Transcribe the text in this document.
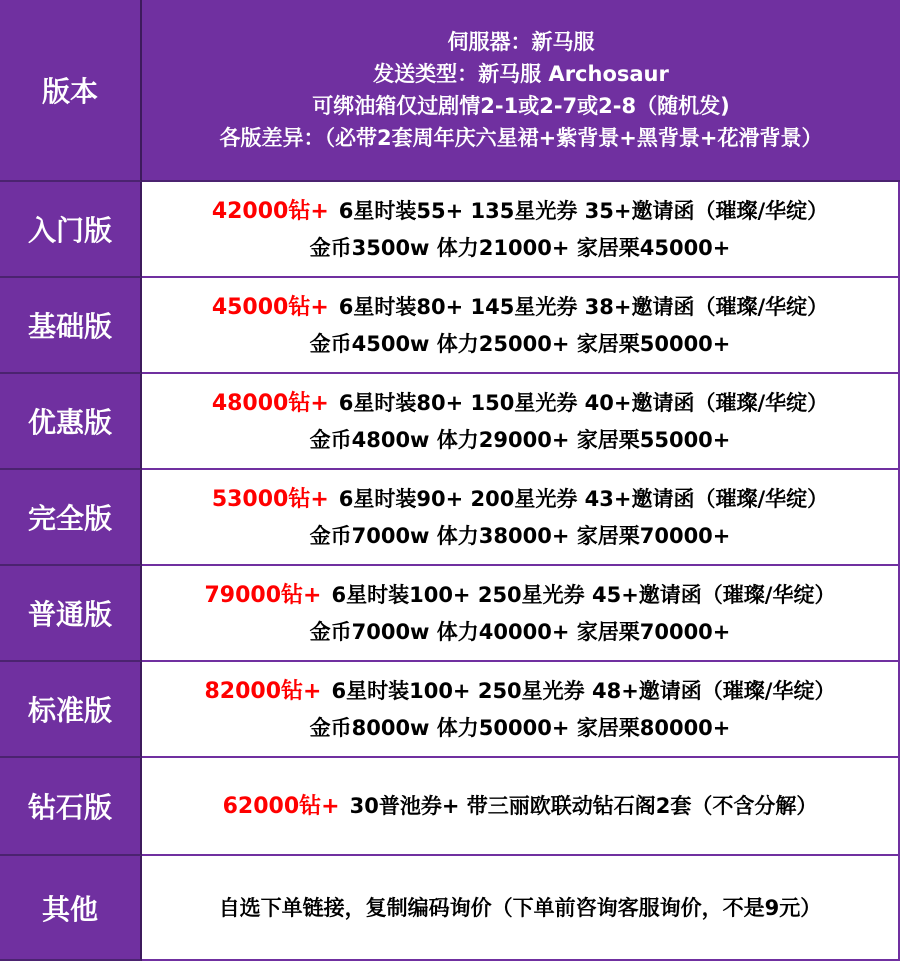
版本
伺服器：新马服
发送类型：新马服 Archosaur
可绑油箱仅过剧情2-1或2-7或2-8（随机发)
各版差异：（必带2套周年庆六星裙+紫背景+黑背景+花滑背景）
入门版
42000钻+ 6星时装55+ 135星光券 35+邀请函（璀璨/华绽）
金币3500w 体力21000+ 家居栗45000+
基础版
45000钻+ 6星时装80+ 145星光券 38+邀请函（璀璨/华绽）
金币4500w 体力25000+ 家居栗50000+
优惠版
48000钻+ 6星时装80+ 150星光券 40+邀请函（璀璨/华绽）
金币4800w 体力29000+ 家居栗55000+
完全版
53000钻+ 6星时装90+ 200星光券 43+邀请函（璀璨/华绽）
金币7000w 体力38000+ 家居栗70000+
普通版
79000钻+ 6星时装100+ 250星光券 45+邀请函（璀璨/华绽）
金币7000w 体力40000+ 家居栗70000+
标准版
82000钻+ 6星时装100+ 250星光券 48+邀请函（璀璨/华绽）
金币8000w 体力50000+ 家居栗80000+
钻石版	62000钻+ 30普池券+ 带三丽欧联动钻石阁2套（不含分解）
其他	自选下单链接，复制编码询价（下单前咨询客服询价，不是9元）
